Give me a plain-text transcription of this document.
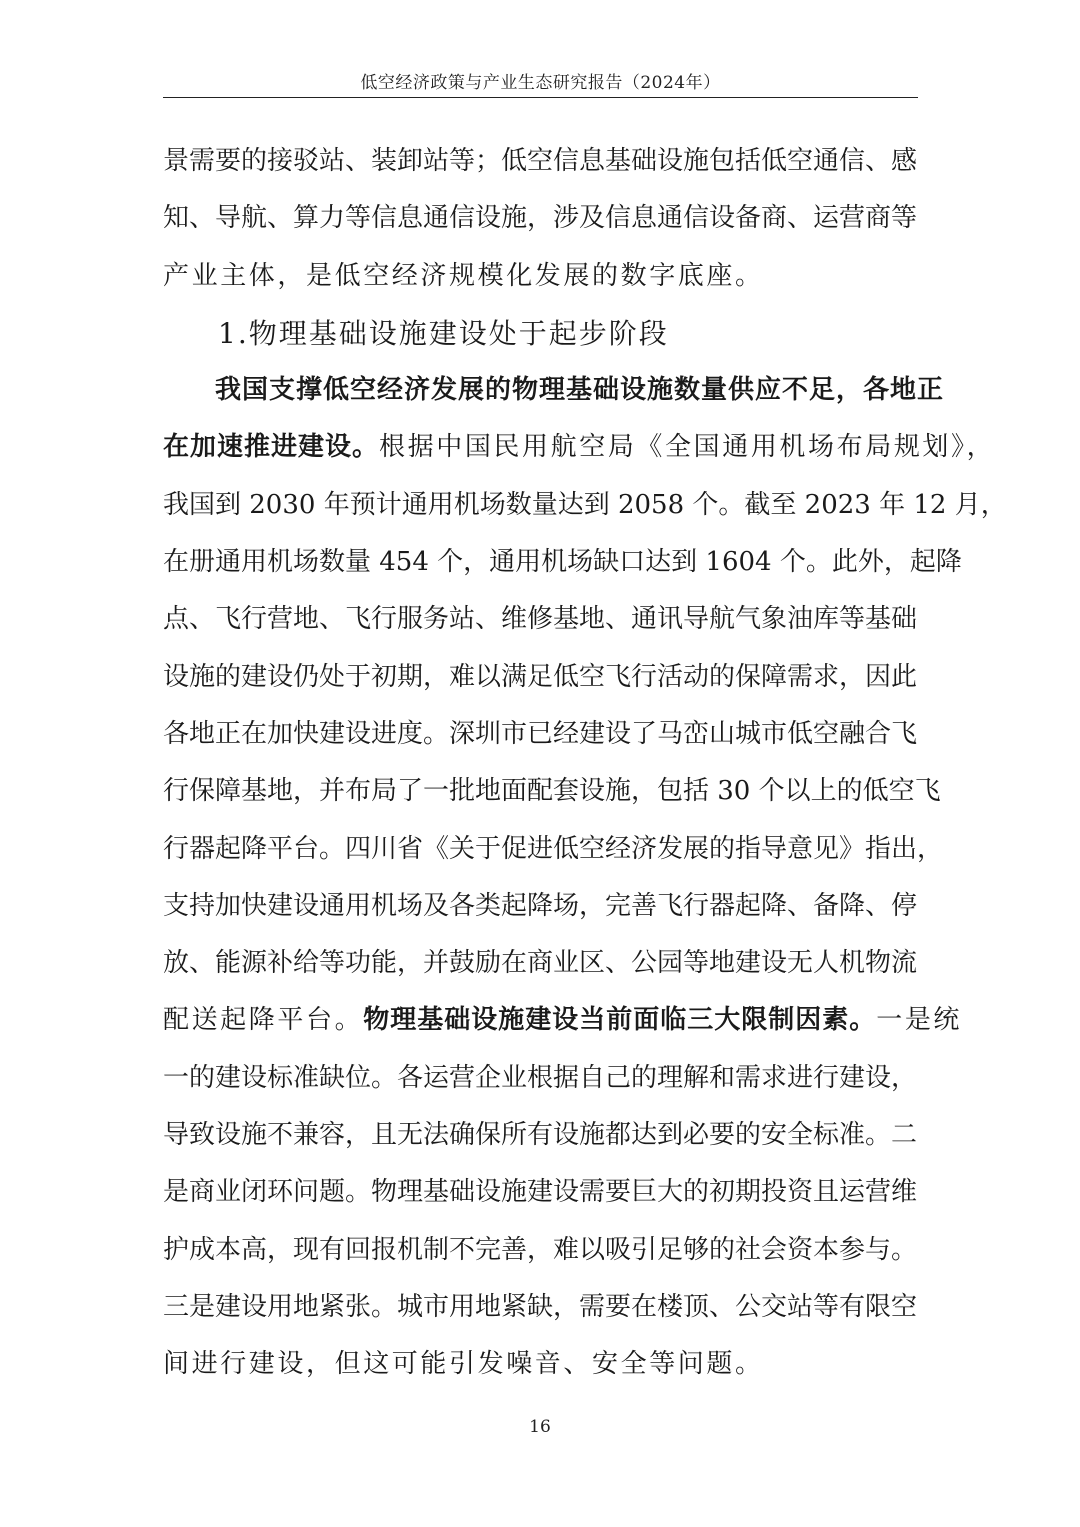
低空经济政策与产业生态研究报告（2024年）
景需要的接驳站、装卸站等；低空信息基础设施包括低空通信、感
知、导航、算力等信息通信设施，涉及信息通信设备商、运营商等
产业主体，是低空经济规模化发展的数字底座。
1.物理基础设施建设处于起步阶段
我国支撑低空经济发展的物理基础设施数量供应不足，各地正
在加速推进建设。根据中国民用航空局《全国通用机场布局规划》，
我国到 2030 年预计通用机场数量达到 2058 个。截至 2023 年 12 月，
在册通用机场数量 454 个，通用机场缺口达到 1604 个。此外，起降
点、飞行营地、飞行服务站、维修基地、通讯导航气象油库等基础
设施的建设仍处于初期，难以满足低空飞行活动的保障需求，因此
各地正在加快建设进度。深圳市已经建设了马峦山城市低空融合飞
行保障基地，并布局了一批地面配套设施，包括 30 个以上的低空飞
行器起降平台。四川省《关于促进低空经济发展的指导意见》指出，
支持加快建设通用机场及各类起降场，完善飞行器起降、备降、停
放、能源补给等功能，并鼓励在商业区、公园等地建设无人机物流
配送起降平台。物理基础设施建设当前面临三大限制因素。一是统
一的建设标准缺位。各运营企业根据自己的理解和需求进行建设，
导致设施不兼容，且无法确保所有设施都达到必要的安全标准。二
是商业闭环问题。物理基础设施建设需要巨大的初期投资且运营维
护成本高，现有回报机制不完善，难以吸引足够的社会资本参与。
三是建设用地紧张。城市用地紧缺，需要在楼顶、公交站等有限空
间进行建设，但这可能引发噪音、安全等问题。
16
